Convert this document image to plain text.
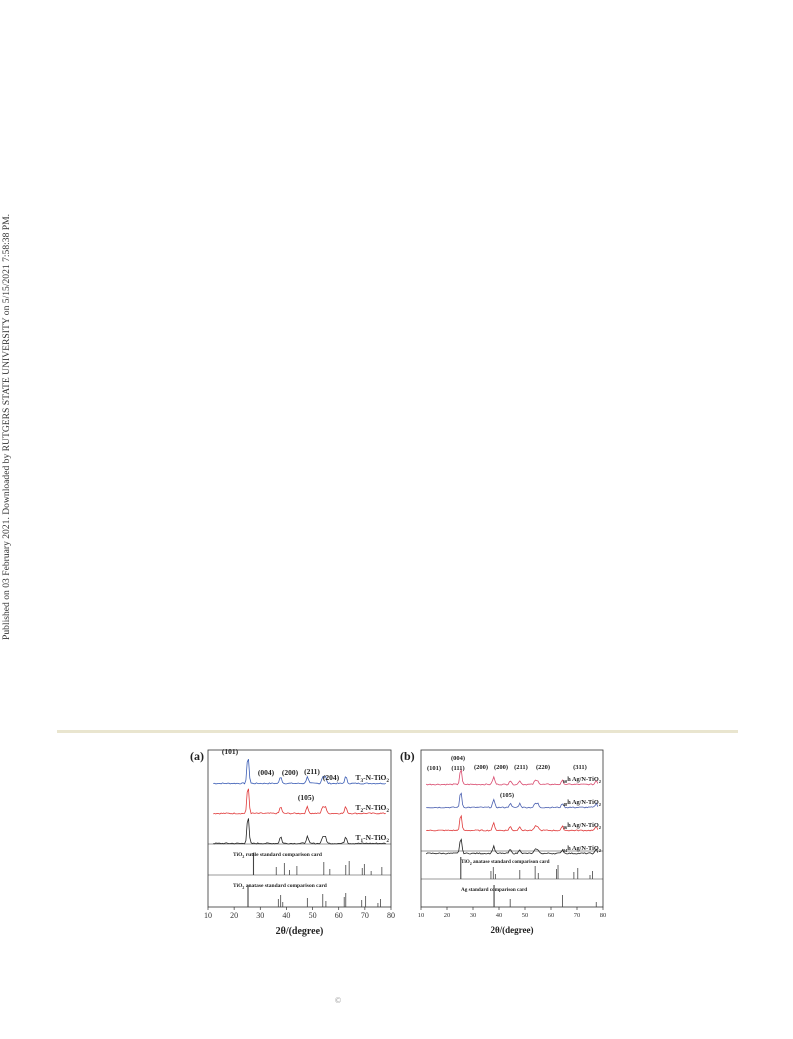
Published on 03 February 2021. Downloaded by RUTGERS STATE UNIVERSITY on 5/15/2021 7:58:38 PM.
(a)
10 20 30 40 50 60 70 80
2θ/(degree)
$T_3-N-TiO_2$
$T_2-N-TiO_2$
$T_1-N-TiO_2$
TiO$_2$ rutile standard comparison card
TiO$_2$ anatase standard comparison card
(101)
(004) (200) (211)
(204)
(105)
(b)
10	20	30	40	50	60	70	80
2θ/(degree)
$_6$0h Ag/N-TiO$_2$
$_4$8h Ag/N-TiO$_2$
$_3$6h Ag/N-TiO$_2$
$_2$4h Ag/N-TiO$_2$
TiO$_2$ anatase standard comparison card
Ag standard comparison card
(101)
(004)
(111) (200) (200) (211) (220)	(311)
(105)
©
